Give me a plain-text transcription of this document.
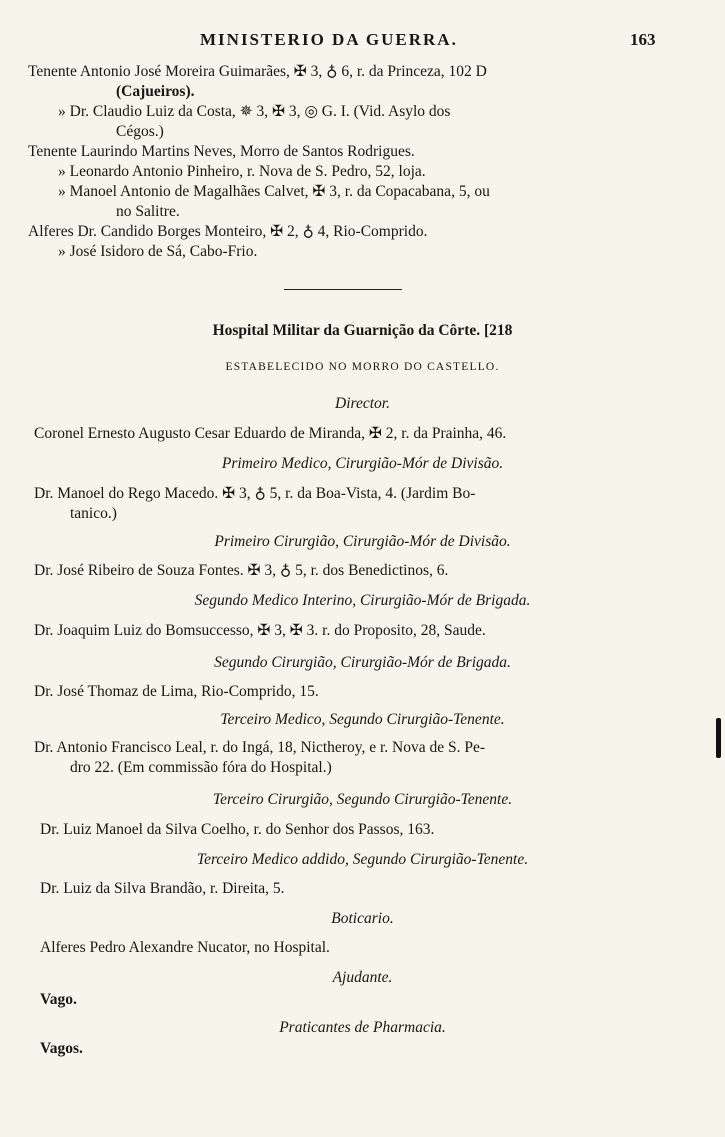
MINISTERIO DA GUERRA.	163
Tenente Antonio José Moreira Guimarães, ✠ 3, ♁ 6, r. da Princeza, 102 D
(Cajueiros).
» Dr. Claudio Luiz da Costa, ✵ 3, ✠ 3, ◎ G. I. (Vid. Asylo dos
Cégos.)
Tenente Laurindo Martins Neves, Morro de Santos Rodrigues.
» Leonardo Antonio Pinheiro, r. Nova de S. Pedro, 52, loja.
» Manoel Antonio de Magalhães Calvet, ✠ 3, r. da Copacabana, 5, ou
no Salitre.
Alferes Dr. Candido Borges Monteiro, ✠ 2, ♁ 4, Rio-Comprido.
» José Isidoro de Sá, Cabo-Frio.
Hospital Militar da Guarnição da Côrte. [218
ESTABELECIDO NO MORRO DO CASTELLO.
Director.
Coronel Ernesto Augusto Cesar Eduardo de Miranda, ✠ 2, r. da Prainha, 46.
Primeiro Medico, Cirurgião-Mór de Divisão.
Dr. Manoel do Rego Macedo. ✠ 3, ♁ 5, r. da Boa-Vista, 4. (Jardim Bo-
tanico.)
Primeiro Cirurgião, Cirurgião-Mór de Divisão.
Dr. José Ribeiro de Souza Fontes. ✠ 3, ♁ 5, r. dos Benedictinos, 6.
Segundo Medico Interino, Cirurgião-Mór de Brigada.
Dr. Joaquim Luiz do Bomsuccesso, ✠ 3, ✠ 3. r. do Proposito, 28, Saude.
Segundo Cirurgião, Cirurgião-Mór de Brigada.
Dr. José Thomaz de Lima, Rio-Comprido, 15.
Terceiro Medico, Segundo Cirurgião-Tenente.
Dr. Antonio Francisco Leal, r. do Ingá, 18, Nictheroy, e r. Nova de S. Pe-
dro 22. (Em commissão fóra do Hospital.)
Terceiro Cirurgião, Segundo Cirurgião-Tenente.
Dr. Luiz Manoel da Silva Coelho, r. do Senhor dos Passos, 163.
Terceiro Medico addido, Segundo Cirurgião-Tenente.
Dr. Luiz da Silva Brandão, r. Direita, 5.
Boticario.
Alferes Pedro Alexandre Nucator, no Hospital.
Ajudante.
Vago.
Praticantes de Pharmacia.
Vagos.
